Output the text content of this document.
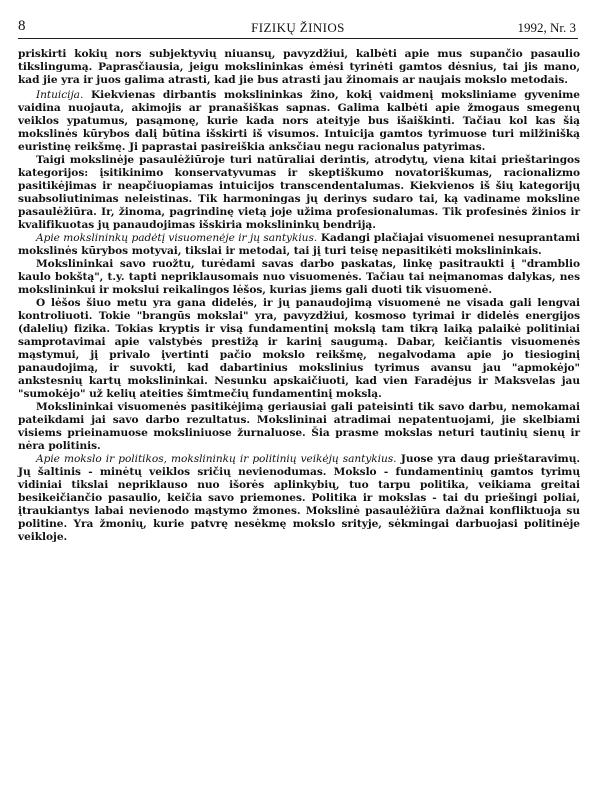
8	FIZIKŲ ŽINIOS	1992, Nr. 3

priskirti kokių nors subjektyvių niuansų, pavyzdžiui, kalbėti apie mus supančio pasaulio tikslingumą. Paprasčiausia, jeigu mokslininkas ėmėsi tyrinėti gamtos dėsnius, tai jis mano, kad jie yra ir juos galima atrasti, kad jie bus atrasti jau žinomais ar naujais mokslo metodais.

Intuicija. Kiekvienas dirbantis mokslininkas žino, kokį vaidmenį moksliniame gyvenime vaidina nuojauta, akimojis ar pranašiškas sapnas. Galima kalbėti apie žmogaus smegenų veiklos ypatumus, pasąmonę, kurie kada nors ateityje bus išaiškinti. Tačiau kol kas šią mokslinės kūrybos dalį būtina išskirti iš visumos. Intuicija gamtos tyrimuose turi milžinišką euristinę reikšmę. Ji paprastai pasireiškia anksčiau negu racionalus patyrimas.

Taigi mokslinėje pasaulėžiūroje turi natūraliai derintis, atrodytų, viena kitai prieštaringos kategorijos: įsitikinimo konservatyvumas ir skeptiškumo novatoriškumas, racionalizmo pasitikėjimas ir neapčiuopiamas intuicijos transcendentalumas. Kiekvienos iš šių kategorijų suabsoliutinimas neleistinas. Tik harmoningas jų derinys sudaro tai, ką vadiname moksline pasaulėžiūra. Ir, žinoma, pagrindinę vietą joje užima profesionalumas. Tik profesinės žinios ir kvalifikuotas jų panaudojimas išskiria mokslininkų bendriją.

Apie mokslininkų padėtį visuomenėje ir jų santykius. Kadangi plačiajai visuomenei nesuprantami mokslinės kūrybos motyvai, tikslai ir metodai, tai jį turi teisę nepasitikėti mokslininkais.

Mokslininkai savo ruožtu, turėdami savas darbo paskatas, linkę pasitraukti į "dramblio kaulo bokštą", t.y. tapti nepriklausomais nuo visuomenės. Tačiau tai neįmanomas dalykas, nes mokslininkui ir mokslui reikalingos lėšos, kurias jiems gali duoti tik visuomenė.

O lėšos šiuo metu yra gana didelės, ir jų panaudojimą visuomenė ne visada gali lengvai kontroliuoti. Tokie "brangūs mokslai" yra, pavyzdžiui, kosmoso tyrimai ir didelės energijos (dalelių) fizika. Tokias kryptis ir visą fundamentinį mokslą tam tikrą laiką palaikė politiniai samprotavimai apie valstybės prestižą ir karinį saugumą. Dabar, keičiantis visuomenės mąstymui, jį privalo įvertinti pačio mokslo reikšmę, negalvodama apie jo tiesioginį panaudojimą, ir suvokti, kad dabartinius mokslinius tyrimus avansu jau "apmokėjo" ankstesnių kartų mokslininkai. Nesunku apskaičiuoti, kad vien Faradėjus ir Maksvelas jau "sumokėjo" už kelių ateities šimtmečių fundamentinį mokslą.

Mokslininkai visuomenės pasitikėjimą geriausiai gali pateisinti tik savo darbu, nemokamai pateikdami jai savo darbo rezultatus. Mokslininai atradimai nepatentuojami, jie skelbiami visiems prieinamuose moksliniuose žurnaluose. Šia prasme mokslas neturi tautinių sienų ir nėra politinis.

Apie mokslo ir politikos, mokslininkų ir politinių veikėjų santykius. Juose yra daug prieštaravimų. Jų šaltinis - minėtų veiklos sričių nevienodumas. Mokslo - fundamentinių gamtos tyrimų vidiniai tikslai nepriklauso nuo išorės aplinkybių, tuo tarpu politika, veikiama greitai besikeičiančio pasaulio, keičia savo priemones. Politika ir mokslas - tai du priešingi poliai, įtraukiantys labai nevienodo mąstymo žmones. Mokslinė pasaulėžiūra dažnai konfliktuoja su politine. Yra žmonių, kurie patvrę nesėkmę mokslo srityje, sėkmingai darbuojasi politinėje veikloje.
